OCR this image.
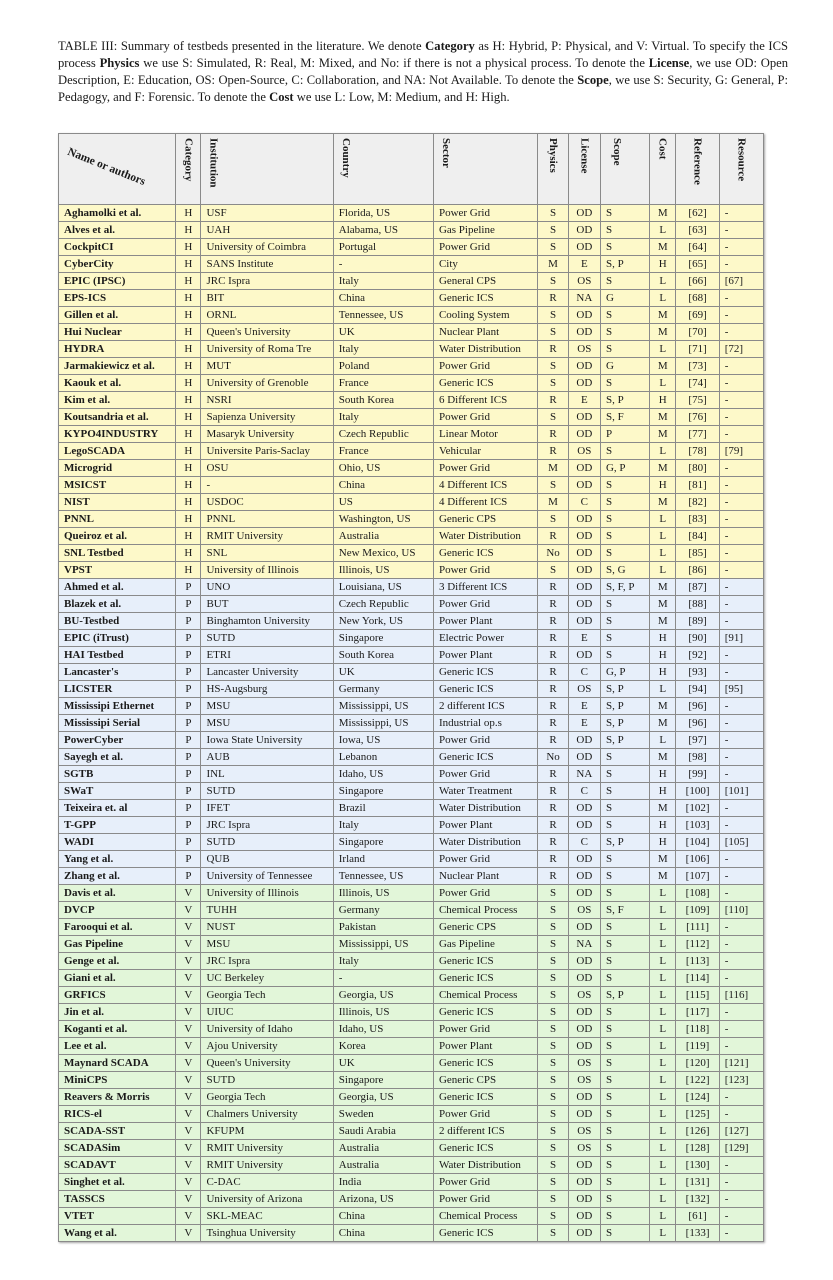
TABLE III: Summary of testbeds presented in the literature. We denote Category as H: Hybrid, P: Physical, and V: Virtual. To specify the ICS process Physics we use S: Simulated, R: Real, M: Mixed, and No: if there is not a physical process. To denote the License, we use OD: Open Description, E: Education, OS: Open-Source, C: Collaboration, and NA: Not Available. To denote the Scope, we use S: Security, G: General, P: Pedagogy, and F: Forensic. To denote the Cost we use L: Low, M: Medium, and H: High.
Name or authors	Category	Institution	Country	Sector	Physics	License	Scope	Cost	Reference	Resource
Aghamolki et al.	H	USF	Florida, US	Power Grid	S	OD	S	M	[62]	-
Alves et al.	H	UAH	Alabama, US	Gas Pipeline	S	OD	S	L	[63]	-
CockpitCI	H	University of Coimbra	Portugal	Power Grid	S	OD	S	M	[64]	-
CyberCity	H	SANS Institute	-	City	M	E	S, P	H	[65]	-
EPIC (IPSC)	H	JRC Ispra	Italy	General CPS	S	OS	S	L	[66]	[67]
EPS-ICS	H	BIT	China	Generic ICS	R	NA	G	L	[68]	-
Gillen et al.	H	ORNL	Tennessee, US	Cooling System	S	OD	S	M	[69]	-
Hui Nuclear	H	Queen's University	UK	Nuclear Plant	S	OD	S	M	[70]	-
HYDRA	H	University of Roma Tre	Italy	Water Distribution	R	OS	S	L	[71]	[72]
Jarmakiewicz et al.	H	MUT	Poland	Power Grid	S	OD	G	M	[73]	-
Kaouk et al.	H	University of Grenoble	France	Generic ICS	S	OD	S	L	[74]	-
Kim et al.	H	NSRI	South Korea	6 Different ICS	R	E	S, P	H	[75]	-
Koutsandria et al.	H	Sapienza University	Italy	Power Grid	S	OD	S, F	M	[76]	-
KYPO4INDUSTRY	H	Masaryk University	Czech Republic	Linear Motor	R	OD	P	M	[77]	-
LegoSCADA	H	Universite Paris-Saclay	France	Vehicular	R	OS	S	L	[78]	[79]
Microgrid	H	OSU	Ohio, US	Power Grid	M	OD	G, P	M	[80]	-
MSICST	H	-	China	4 Different ICS	S	OD	S	H	[81]	-
NIST	H	USDOC	US	4 Different ICS	M	C	S	M	[82]	-
PNNL	H	PNNL	Washington, US	Generic CPS	S	OD	S	L	[83]	-
Queiroz et al.	H	RMIT University	Australia	Water Distribution	R	OD	S	L	[84]	-
SNL Testbed	H	SNL	New Mexico, US	Generic ICS	No	OD	S	L	[85]	-
VPST	H	University of Illinois	Illinois, US	Power Grid	S	OD	S, G	L	[86]	-
Ahmed et al.	P	UNO	Louisiana, US	3 Different ICS	R	OD	S, F, P	M	[87]	-
Blazek et al.	P	BUT	Czech Republic	Power Grid	R	OD	S	M	[88]	-
BU-Testbed	P	Binghamton University	New York, US	Power Plant	R	OD	S	M	[89]	-
EPIC (iTrust)	P	SUTD	Singapore	Electric Power	R	E	S	H	[90]	[91]
HAI Testbed	P	ETRI	South Korea	Power Plant	R	OD	S	H	[92]	-
Lancaster's	P	Lancaster University	UK	Generic ICS	R	C	G, P	H	[93]	-
LICSTER	P	HS-Augsburg	Germany	Generic ICS	R	OS	S, P	L	[94]	[95]
Mississipi Ethernet	P	MSU	Mississippi, US	2 different ICS	R	E	S, P	M	[96]	-
Mississipi Serial	P	MSU	Mississippi, US	Industrial op.s	R	E	S, P	M	[96]	-
PowerCyber	P	Iowa State University	Iowa, US	Power Grid	R	OD	S, P	L	[97]	-
Sayegh et al.	P	AUB	Lebanon	Generic ICS	No	OD	S	M	[98]	-
SGTB	P	INL	Idaho, US	Power Grid	R	NA	S	H	[99]	-
SWaT	P	SUTD	Singapore	Water Treatment	R	C	S	H	[100]	[101]
Teixeira et. al	P	IFET	Brazil	Water Distribution	R	OD	S	M	[102]	-
T-GPP	P	JRC Ispra	Italy	Power Plant	R	OD	S	H	[103]	-
WADI	P	SUTD	Singapore	Water Distribution	R	C	S, P	H	[104]	[105]
Yang et al.	P	QUB	Irland	Power Grid	R	OD	S	M	[106]	-
Zhang et al.	P	University of Tennessee	Tennessee, US	Nuclear Plant	R	OD	S	M	[107]	-
Davis et al.	V	University of Illinois	Illinois, US	Power Grid	S	OD	S	L	[108]	-
DVCP	V	TUHH	Germany	Chemical Process	S	OS	S, F	L	[109]	[110]
Farooqui et al.	V	NUST	Pakistan	Generic CPS	S	OD	S	L	[111]	-
Gas Pipeline	V	MSU	Mississippi, US	Gas Pipeline	S	NA	S	L	[112]	-
Genge et al.	V	JRC Ispra	Italy	Generic ICS	S	OD	S	L	[113]	-
Giani et al.	V	UC Berkeley	-	Generic ICS	S	OD	S	L	[114]	-
GRFICS	V	Georgia Tech	Georgia, US	Chemical Process	S	OS	S, P	L	[115]	[116]
Jin et al.	V	UIUC	Illinois, US	Generic ICS	S	OD	S	L	[117]	-
Koganti et al.	V	University of Idaho	Idaho, US	Power Grid	S	OD	S	L	[118]	-
Lee et al.	V	Ajou University	Korea	Power Plant	S	OD	S	L	[119]	-
Maynard SCADA	V	Queen's University	UK	Generic ICS	S	OS	S	L	[120]	[121]
MiniCPS	V	SUTD	Singapore	Generic CPS	S	OS	S	L	[122]	[123]
Reavers & Morris	V	Georgia Tech	Georgia, US	Generic ICS	S	OD	S	L	[124]	-
RICS-el	V	Chalmers University	Sweden	Power Grid	S	OD	S	L	[125]	-
SCADA-SST	V	KFUPM	Saudi Arabia	2 different ICS	S	OS	S	L	[126]	[127]
SCADASim	V	RMIT University	Australia	Generic ICS	S	OS	S	L	[128]	[129]
SCADAVT	V	RMIT University	Australia	Water Distribution	S	OD	S	L	[130]	-
Singhet et al.	V	C-DAC	India	Power Grid	S	OD	S	L	[131]	-
TASSCS	V	University of Arizona	Arizona, US	Power Grid	S	OD	S	L	[132]	-
VTET	V	SKL-MEAC	China	Chemical Process	S	OD	S	L	[61]	-
Wang et al.	V	Tsinghua University	China	Generic ICS	S	OD	S	L	[133]	-
